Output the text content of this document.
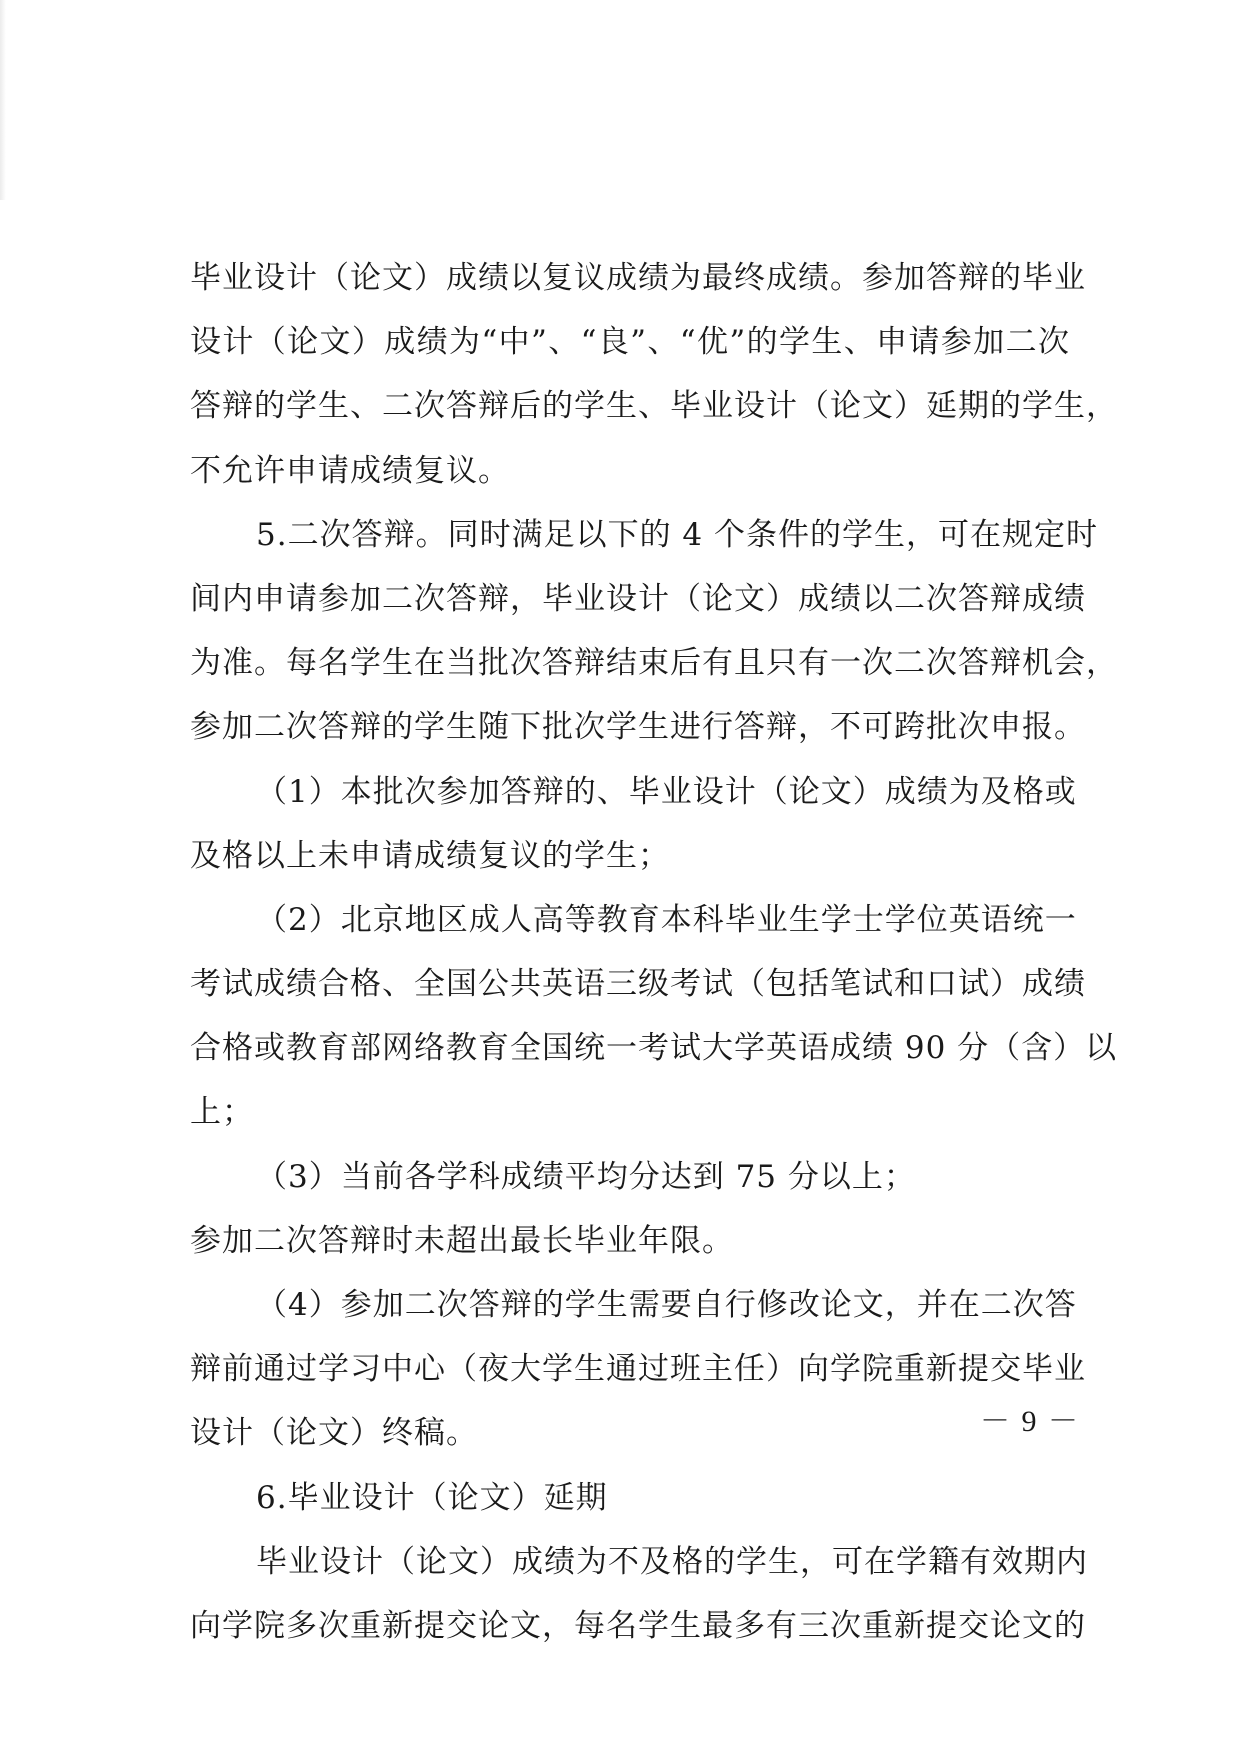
毕业设计（论文）成绩以复议成绩为最终成绩。参加答辩的毕业
设计（论文）成绩为“中”、“良”、“优”的学生、申请参加二次
答辩的学生、二次答辩后的学生、毕业设计（论文）延期的学生，
不允许申请成绩复议。
5.二次答辩。同时满足以下的 4 个条件的学生，可在规定时
间内申请参加二次答辩，毕业设计（论文）成绩以二次答辩成绩
为准。每名学生在当批次答辩结束后有且只有一次二次答辩机会，
参加二次答辩的学生随下批次学生进行答辩，不可跨批次申报。
（1）本批次参加答辩的、毕业设计（论文）成绩为及格或
及格以上未申请成绩复议的学生；
（2）北京地区成人高等教育本科毕业生学士学位英语统一
考试成绩合格、全国公共英语三级考试（包括笔试和口试）成绩
合格或教育部网络教育全国统一考试大学英语成绩 90 分（含）以
上；
（3）当前各学科成绩平均分达到 75 分以上；
参加二次答辩时未超出最长毕业年限。
（4）参加二次答辩的学生需要自行修改论文，并在二次答
辩前通过学习中心（夜大学生通过班主任）向学院重新提交毕业
设计（论文）终稿。
6.毕业设计（论文）延期
毕业设计（论文）成绩为不及格的学生，可在学籍有效期内
向学院多次重新提交论文，每名学生最多有三次重新提交论文的
－ 9 －
